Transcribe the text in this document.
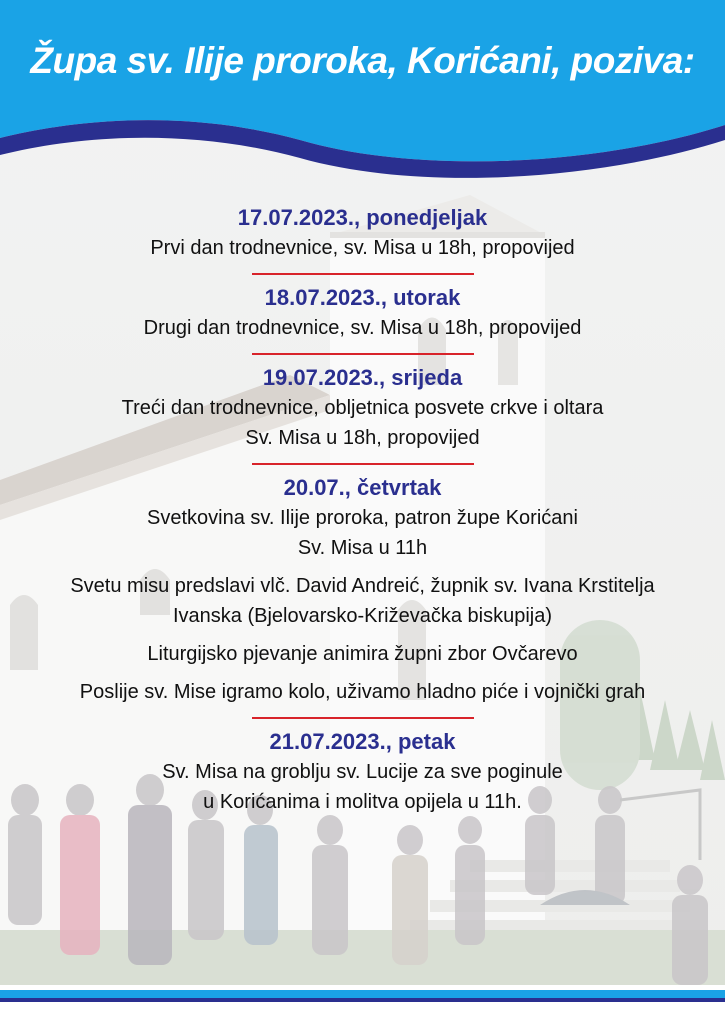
Župa sv. Ilije proroka, Korićani, poziva:
17.07.2023., ponedjeljak
Prvi dan trodnevnice, sv. Misa u 18h, propovijed
18.07.2023., utorak
Drugi dan trodnevnice, sv. Misa u 18h, propovijed
19.07.2023., srijeda
Treći dan trodnevnice, obljetnica posvete crkve i oltara
Sv. Misa u 18h, propovijed
20.07., četvrtak
Svetkovina sv. Ilije proroka, patron župe Korićani
Sv. Misa u 11h
Svetu misu predslavi vlč. David Andreić, župnik sv. Ivana Krstitelja
Ivanska (Bjelovarsko-Križevačka biskupija)
Liturgijsko pjevanje animira župni zbor Ovčarevo
Poslije sv. Mise igramo kolo, uživamo hladno piće i vojnički grah
21.07.2023., petak
Sv. Misa na groblju sv. Lucije za sve poginule
u Korićanima i molitva opijela u 11h.
